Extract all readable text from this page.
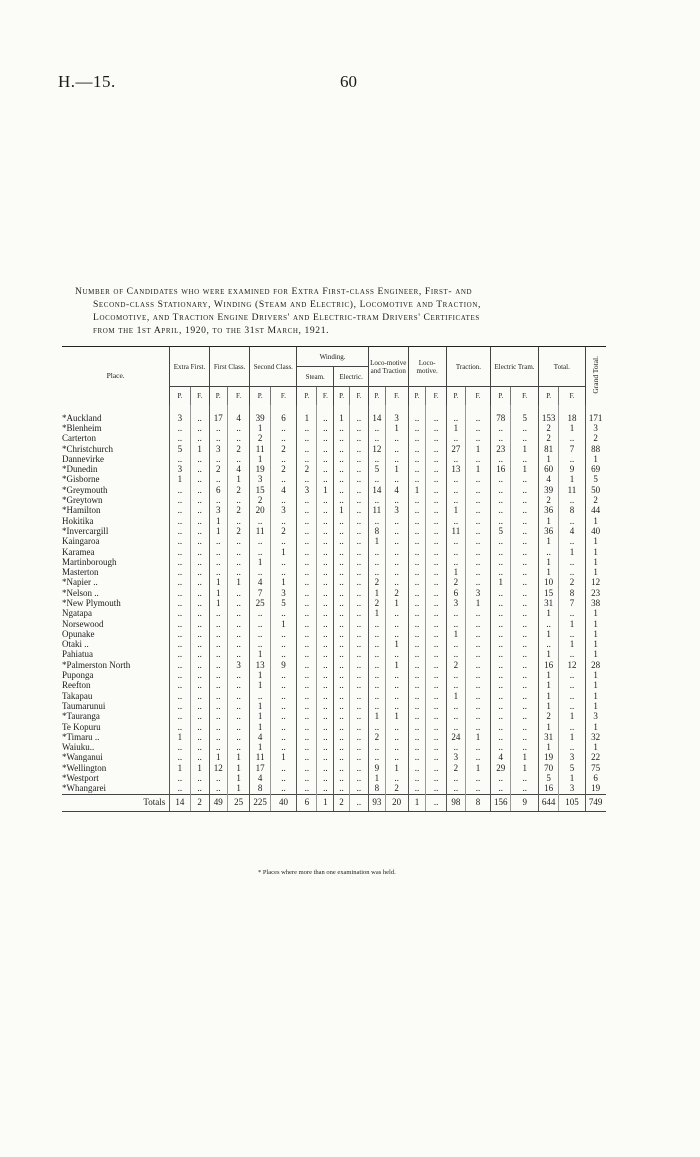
H.—15.	60
Number of Candidates who were examined for Extra First-class Engineer, First- and
Second-class Stationary, Winding (Steam and Electric), Locomotive and Traction,
Locomotive, and Traction Engine Drivers' and Electric-tram Drivers' Certificates
from the 1st April, 1920, to the 31st March, 1921.
Place.	Extra First.		First Class.		Second Class.		Winding.				Loco-motive and Traction		Loco-motive.		Traction.		Electric Tram.		Total.		Grand Total.
							Steam.		Electric.												
	P.	F.	P.	F.	P.	F.	P.	F.	P.	F.	P.	F.	P.	F.	P.	F.	P.	F.	P.	F.	
*Auckland	3	..	17	4	39	6	1	..	1	..	14	3	..	..	..	..	78	5	153	18	171
*Blenheim	..	..	..	..	1	..	..	..	..	..	..	1	..	..	1	..	..	..	2	1	3
Carterton	..	..	..	..	2	..	..	..	..	..	..	..	..	..	..	..	..	..	2	..	2
*Christchurch	5	1	3	2	11	2	..	..	..	..	12	..	..	..	27	1	23	1	81	7	88
Dannevirke	..	..	..	..	1	..	..	..	..	..	..	..	..	..	..	..	..	..	1	..	1
*Dunedin	3	..	2	4	19	2	2	..	..	..	5	1	..	..	13	1	16	1	60	9	69
*Gisborne	1	..	..	1	3	..	..	..	..	..	..	..	..	..	..	..	..	..	4	1	5
*Greymouth	..	..	6	2	15	4	3	1	..	..	14	4	1	..	..	..	..	..	39	11	50
*Greytown	..	..	..	..	2	..	..	..	..	..	..	..	..	..	..	..	..	..	2	..	2
*Hamilton	..	..	3	2	20	3	..	..	1	..	11	3	..	..	1	..	..	..	36	8	44
Hokitika	..	..	1	..	..	..	..	..	..	..	..	..	..	..	..	..	..	..	1	..	1
*Invercargill	..	..	1	2	11	2	..	..	..	..	8	..	..	..	11	..	5	..	36	4	40
Kaingaroa	..	..	..	..	..	..	..	..	..	..	1	..	..	..	..	..	..	..	1	..	1
Karamea	..	..	..	..	..	1	..	..	..	..	..	..	..	..	..	..	..	..	..	1	1
Martinborough	..	..	..	..	1	..	..	..	..	..	..	..	..	..	..	..	..	..	1	..	1
Masterton	..	..	..	..	..	..	..	..	..	..	..	..	..	..	1	..	..	..	1	..	1
*Napier ..	..	..	1	1	4	1	..	..	..	..	2	..	..	..	2	..	1	..	10	2	12
*Nelson ..	..	..	1	..	7	3	..	..	..	..	1	2	..	..	6	3	..	..	15	8	23
*New Plymouth	..	..	1	..	25	5	..	..	..	..	2	1	..	..	3	1	..	..	31	7	38
Ngatapa	..	..	..	..	..	..	..	..	..	..	1	..	..	..	..	..	..	..	1	..	1
Norsewood	..	..	..	..	..	1	..	..	..	..	..	..	..	..	..	..	..	..	..	1	1
Opunake	..	..	..	..	..	..	..	..	..	..	..	..	..	..	1	..	..	..	1	..	1
Otaki ..	..	..	..	..	..	..	..	..	..	..	..	1	..	..	..	..	..	..	..	1	1
Pahiatua	..	..	..	..	1	..	..	..	..	..	..	..	..	..	..	..	..	..	1	..	1
*Palmerston North	..	..	..	3	13	9	..	..	..	..	..	1	..	..	2	..	..	..	16	12	28
Puponga	..	..	..	..	1	..	..	..	..	..	..	..	..	..	..	..	..	..	1	..	1
Reefton	..	..	..	..	1	..	..	..	..	..	..	..	..	..	..	..	..	..	1	..	1
Takapau	..	..	..	..	..	..	..	..	..	..	..	..	..	..	1	..	..	..	1	..	1
Taumarunui	..	..	..	..	1	..	..	..	..	..	..	..	..	..	..	..	..	..	1	..	1
*Tauranga	..	..	..	..	1	..	..	..	..	..	1	1	..	..	..	..	..	..	2	1	3
Te Kopuru	..	..	..	..	1	..	..	..	..	..	..	..	..	..	..	..	..	..	1	..	1
*Timaru ..	1	..	..	..	4	..	..	..	..	..	2	..	..	..	24	1	..	..	31	1	32
Waiuku..	..	..	..	..	1	..	..	..	..	..	..	..	..	..	..	..	..	..	1	..	1
*Wanganui	..	..	1	1	11	1	..	..	..	..	..	..	..	..	3	..	4	1	19	3	22
*Wellington	1	1	12	1	17	..	..	..	..	..	9	1	..	..	2	1	29	1	70	5	75
*Westport	..	..	..	1	4	..	..	..	..	..	1	..	..	..	..	..	..	..	5	1	6
*Whangarei	..	..	..	1	8	..	..	..	..	..	8	2	..	..	..	..	..	..	16	3	19
Totals	14	2	49	25	225	40	6	1	2	..	93	20	1	..	98	8	156	9	644	105	749
* Places where more than one examination was held.
